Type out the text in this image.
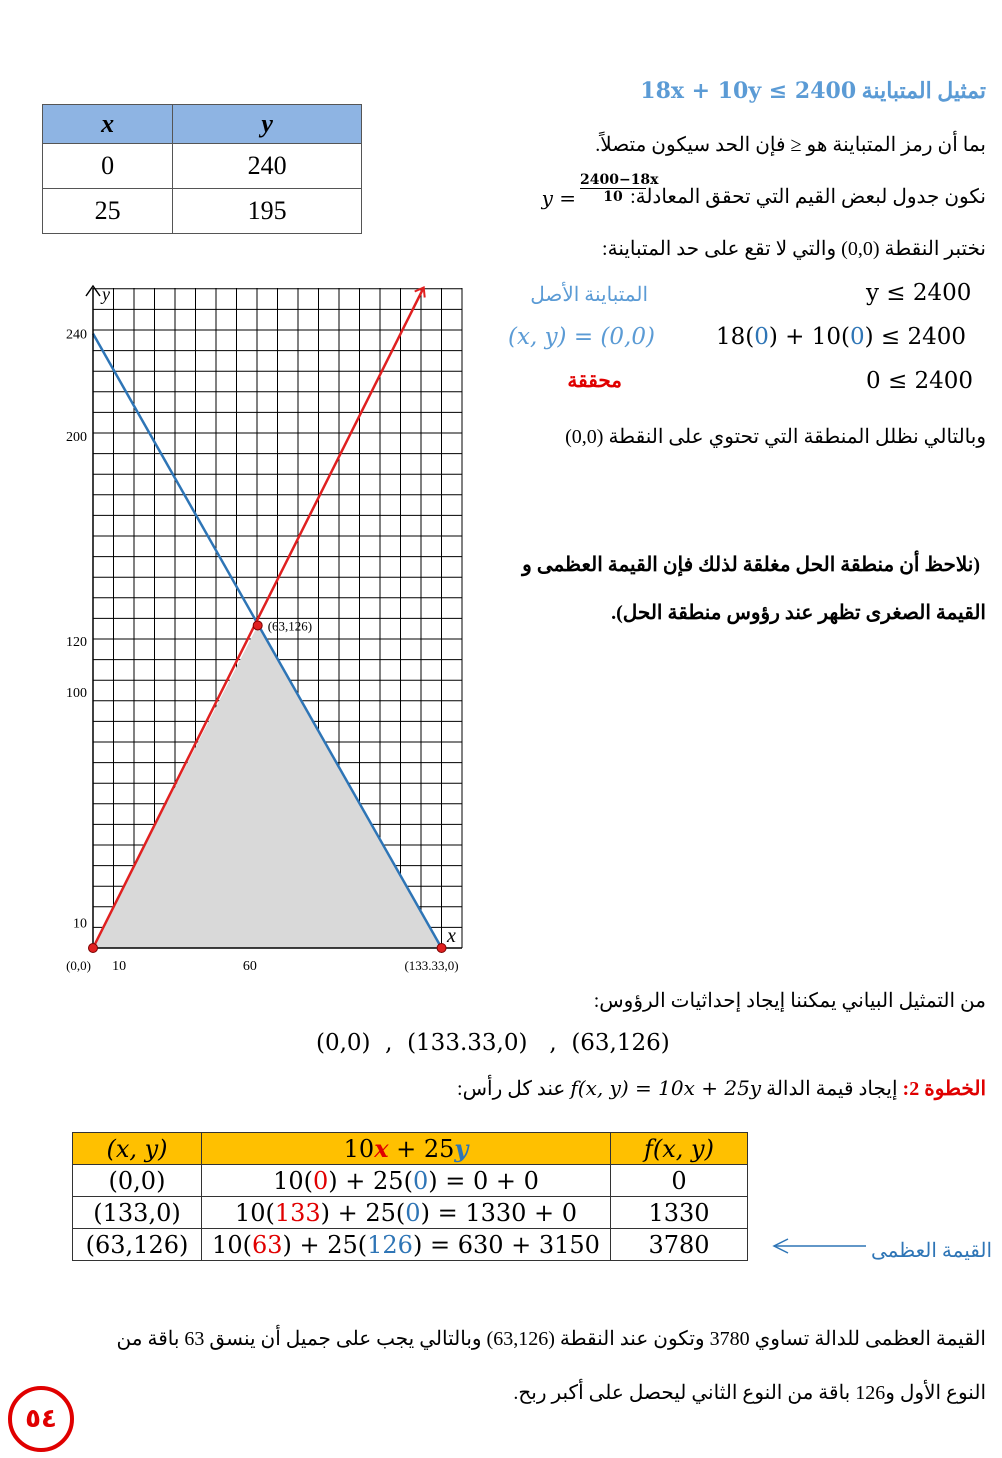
تمثيل المتباينة 18x + 10y ≤ 2400
x	y
0	240
25	195
بما أن رمز المتباينة هو ≤ فإن الحد سيكون متصلاً.
نكون جدول لبعض القيم التي تحقق المعادلة:
$y = \frac{2400-18x}{10}$
نختبر النقطة (0,0) والتي لا تقع على حد المتباينة:
y ≤ 2400
المتباينة الأصل
18(0) + 10(0) ≤ 2400
(x, y) = (0,0)
0 ≤ 2400
محققة
وبالتالي نظلل المنطقة التي تحتوي على النقطة (0,0)
(نلاحظ أن منطقة الحل مغلقة لذلك فإن القيمة العظمى و
القيمة الصغرى تظهر عند رؤوس منطقة الحل).
y
x
10
100
120
200
240
10	60
(0,0)
(63,126)
(133.33,0)
من التمثيل البياني يمكننا إيجاد إحداثيات الرؤوس:
(0,0)  ,  (133.33,0)   ,  (63,126)
الخطوة 2: إيجاد قيمة الدالة f(x, y) = 10x + 25y عند كل رأس:
(x, y)	10x + 25y	f(x, y)
(0,0)	10(0) + 25(0) = 0 + 0	0
(133,0)	10(133) + 25(0) = 1330 + 0	1330
(63,126)	10(63) + 25(126) = 630 + 3150	3780	القيمة العظمى
القيمة العظمى للدالة تساوي 3780 وتكون عند النقطة (63,126) وبالتالي يجب على جميل أن ينسق 63 باقة من
النوع الأول و126 باقة من النوع الثاني ليحصل على أكبر ربح.
٥٤
